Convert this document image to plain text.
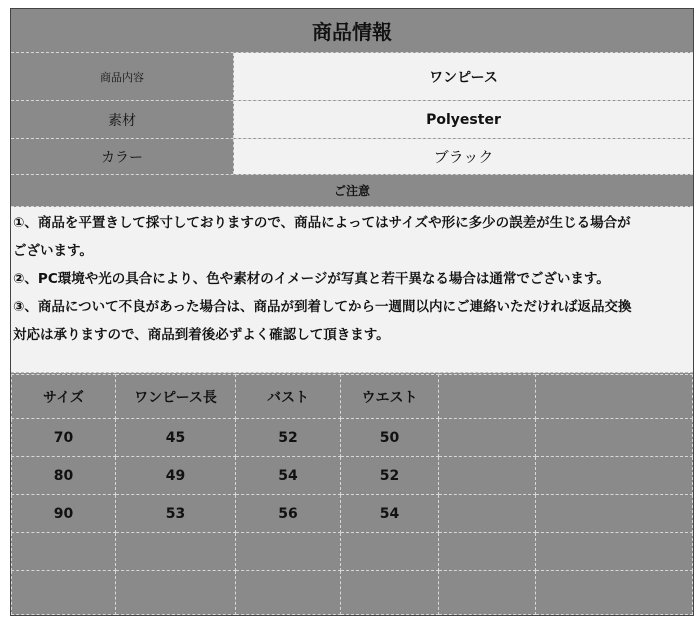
商品情報
商品内容	ワンピース
素材	Polyester
カラー	ブラック
ご注意

①、商品を平置きして採寸しておりますので、商品によってはサイズや形に多少の誤差が生じる場合が

ございます。

②、PC環境や光の具合により、色や素材のイメージが写真と若干異なる場合は通常でございます。

③、商品について不良があった場合は、商品が到着してから一週間以内にご連絡いただければ返品交換

対応は承りますので、商品到着後必ずよく確認して頂きます。

サイズ	ワンピース長	バスト	ウエスト		
70	45	52	50		
80	49	54	52		
90	53	56	54		
